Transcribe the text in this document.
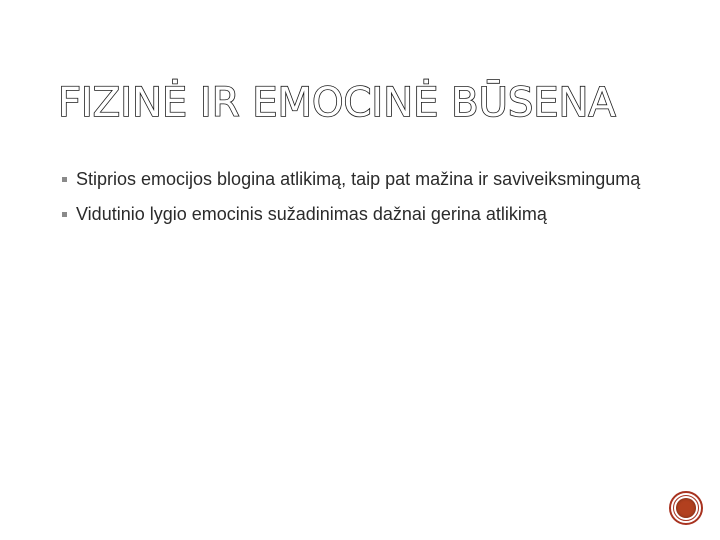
FIZINĖ IR EMOCINĖ BŪSENA
Stiprios emocijos blogina atlikimą, taip pat mažina ir saviveiksmingumą
Vidutinio lygio emocinis sužadinimas dažnai gerina atlikimą
